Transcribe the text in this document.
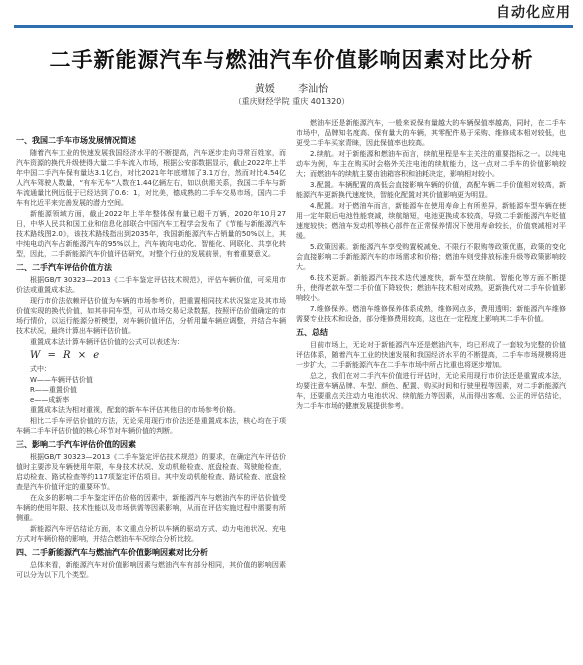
自动化应用
二手新能源汽车与燃油汽车价值影响因素对比分析
黄媛 李汕怡
（重庆财经学院 重庆 401320）
一、我国二手车市场发展情况简述

随着汽车工业的快速发展我国经济水平的不断提高，汽车逐步走向寻常百姓家，而汽车资源的换代升级使得大量二手车流入市场，根据公安部数据显示，截止2022年上半年中国二手汽车保有量达3.1亿台，对比2021年年底增加了3.1万台，然而对比4.54亿人汽车驾驶人数量，“有车无车”人数在1.44亿辆左右，如以供需关系，我国二手车与新车流通量比例远低于已经达到了0.6：1，对比美，德成熟的二手车交易市场，国内二手车有比近平来完善发展的潜力空间。

新能源领域方面，截止2022年上半年整体保有量已超千万辆，2020年10月27日，中华人民共和国工业和信息化部联合中国汽车工程学会发布了《节能与新能源汽车技术路线图2.0》，该技术路线指出到2035年，我国新能源汽车占销量的50%以上，其中纯电动汽车占新能源汽车的95%以上，汽车被向电动化、智能化、网联化、共享化转型，因此，二手新能源汽车价值评估研究，对整个行业的发展前景，有着重要意义。

二、二手汽车评估价值方法

根据GB/T 30323—2013《二手车鉴定评估技术规范》，评估车辆价值，可采用市价法或重置成本法。

现行市价法依赖评估价值为车辆的市场参考价，把重置相同技术状况鉴定及其市场价值实现的换代价值，如其非同车型，可从市场交易记录数据，按照评估价值确定的市场行情价，以运行能源分析模型，对车辆价值评估，分析用量车辆应调整，并结合车辆技术状况，最终计算出车辆评估价值。

重置成本法计算车辆评估价值的公式可以表述为：

W = R × e

式中：

W——车辆评估价值
R——重置价值
e——成新率

重置成本法为相对重视，配套的新车车评估其他目的市场参考价格。

相比二手车评估价值的方法，无论采用现行市价法还是重置成本法，核心均在于项车辆二手车评估价值的核心环节对车辆价值的判断。

三、影响二手汽车评估价值的因素

根据GB/T 30323—2013《二手车鉴定评估技术规范》的要求，在确定汽车评估价值时主要涉及车辆使用年限，车身技术状况、发动机舱检查、底盘检查、驾驶舱检查，启动检查、路试检查等约117项鉴定评估项目。其中发动机舱检查、路试检查、底盘检查是汽车价值评定的重要环节。

在众多的影响二手车鉴定评估价格的因素中，新能源汽车与燃油汽车的评估价值受车辆的使用年限、技术性能以及市场供需等因素影响，从而在评估实施过程中需要有所侧重。

新能源汽车评估结论方面，本文重点分析以车辆的驱动方式、动力电池状况、充电方式对车辆价格的影响，并结合燃油车车况综合分析比较。

四、二手新能源汽车与燃油汽车价值影响因素对比分析

总体来看，新能源汽车对价值影响因素与燃油汽车有部分相同，其价值的影响因素可以分为以下几个类型。

燃油车还是新能源汽车，一般来说保有量越大的车辆保值率越高，同时，在二手车市场中，品牌知名度高、保有量大的车辆，其零配件易于采购、维修成本相对较低，也更受二手车买家青睐，因此保值率也较高。

2.续航。对于新能源和燃油车而言，续航里程是车主关注的重要指标之一。以纯电动车为例，车主在购买时会格外关注电池的续航能力，这一点对二手车的价值影响较大；而燃油车的续航主要由油箱容积和油耗决定，影响相对较小。

3.配置。车辆配置的高低会直接影响车辆的价值，高配车辆二手价值相对较高，新能源汽车更新换代速度快，智能化配置对其价值影响更为明显。

4.配置。对于燃油车而言，新能源车在使用寿命上有所差异，新能源车型车辆在使用一定年限后电池性能衰减，续航缩短，电池更换成本较高，导致二手新能源汽车贬值速度较快；燃油车发动机等核心部件在正常保养情况下使用寿命较长，价值衰减相对平缓。

5.政策因素。新能源汽车享受购置税减免、不限行不限购等政策优惠，政策的变化会直接影响二手新能源汽车的市场需求和价格；燃油车则受排放标准升级等政策影响较大。

6.技术更新。新能源汽车技术迭代速度快，新车型在续航、智能化等方面不断提升，使得老款车型二手价值下降较快；燃油车技术相对成熟，更新换代对二手车价值影响较小。

7.维修保养。燃油车维修保养体系成熟，维修网点多，费用透明；新能源汽车维修需要专业技术和设备，部分维修费用较高，这也在一定程度上影响其二手车价值。

五、总结

目前市场上，无论对于新能源汽车还是燃油汽车，均已形成了一套较为完整的价值评估体系，随着汽车工业的快速发展和我国经济水平的不断提高，二手车市场规模将进一步扩大，二手新能源汽车在二手车市场中所占比重也将逐步增加。

总之，我们在对二手汽车价值进行评估时，无论采用现行市价法还是重置成本法，均要注意车辆品牌、车型、颜色、配置、购买时间和行驶里程等因素，对二手新能源汽车，还要重点关注动力电池状况、续航能力等因素，从而得出客观、公正的评估结论，为二手车市场的健康发展提供参考。
